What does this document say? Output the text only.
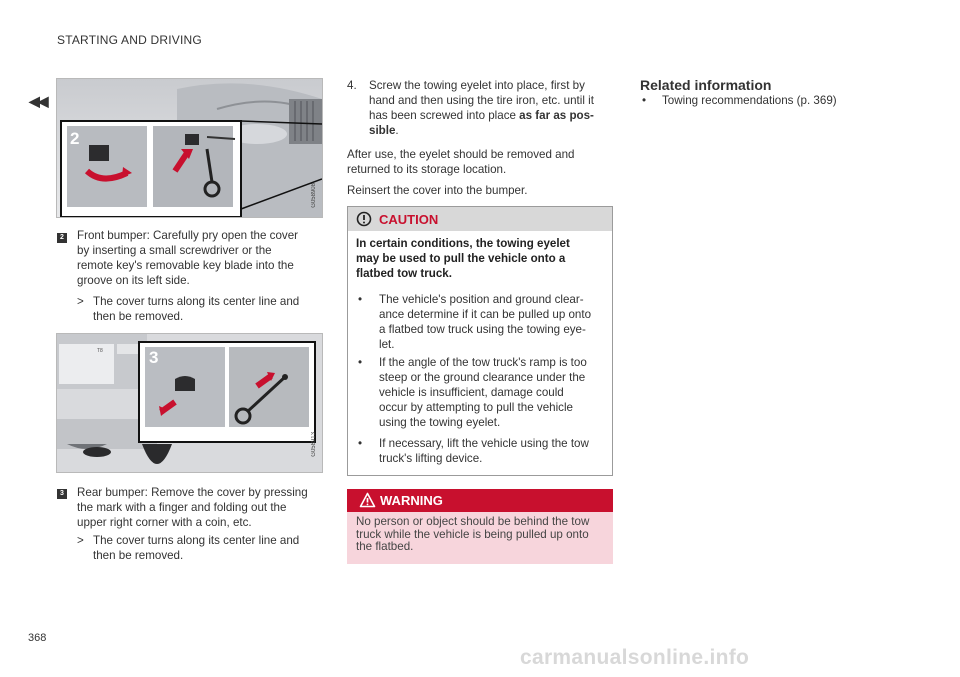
STARTING AND DRIVING
◀◀
2
G058908
2 Front bumper: Carefully pry open the cover
by inserting a small screwdriver or the
remote key's removable key blade into the
groove on its left side.
> The cover turns along its center line and
then be removed.
T8	3
G058913
3 Rear bumper: Remove the cover by pressing
the mark with a finger and folding out the
upper right corner with a coin, etc.
> The cover turns along its center line and
then be removed.
4. Screw the towing eyelet into place, first by
hand and then using the tire iron, etc. until it
has been screwed into place as far as pos-
sible.
After use, the eyelet should be removed and
returned to its storage location.
Reinsert the cover into the bumper.
CAUTION
In certain conditions, the towing eyelet
may be used to pull the vehicle onto a
flatbed tow truck.
• The vehicle's position and ground clear-
ance determine if it can be pulled up onto
a flatbed tow truck using the towing eye-
let.
• If the angle of the tow truck's ramp is too
steep or the ground clearance under the
vehicle is insufficient, damage could
occur by attempting to pull the vehicle
using the towing eyelet.
• If necessary, lift the vehicle using the tow
truck's lifting device.
WARNING
No person or object should be behind the tow
truck while the vehicle is being pulled up onto
the flatbed.
Related information
• Towing recommendations (p. 369)
368
carmanualsonline.info
